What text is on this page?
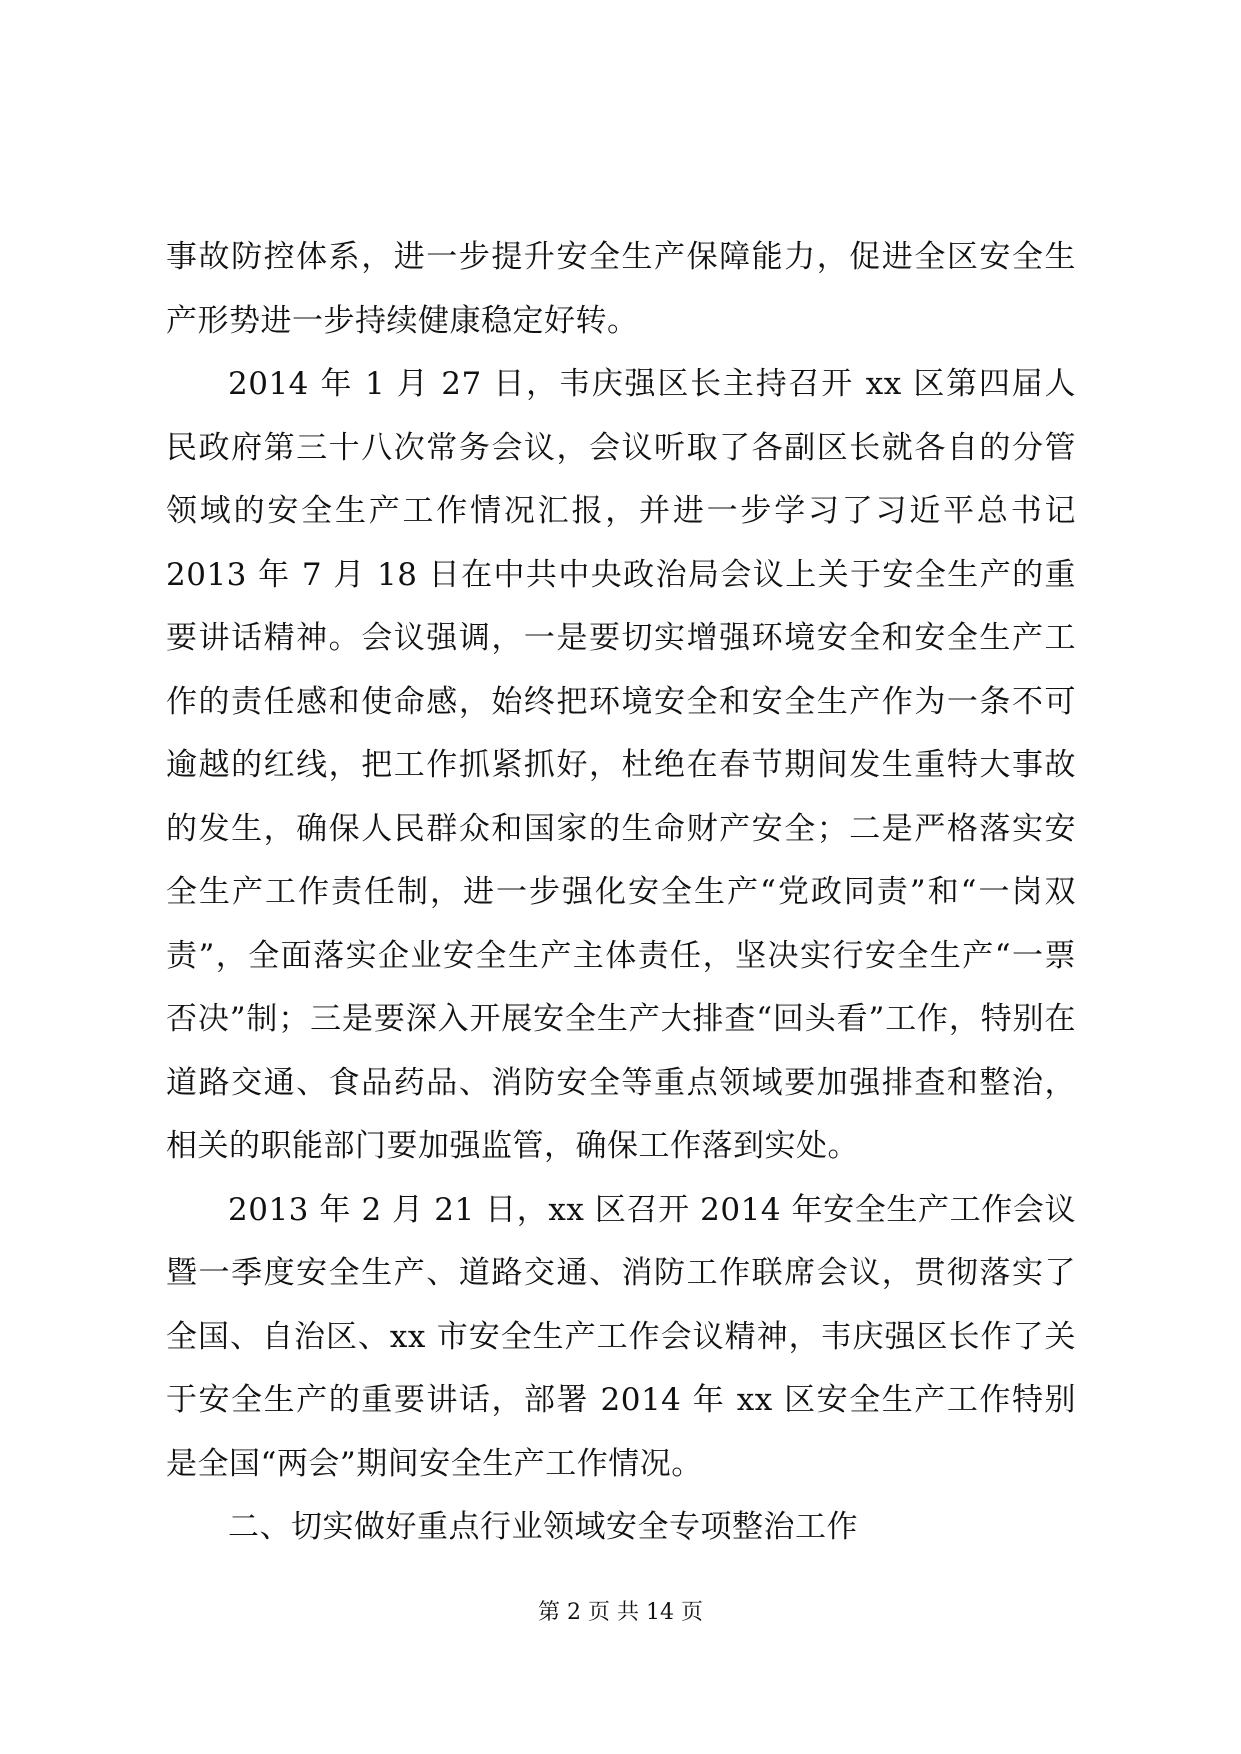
事故防控体系，进一步提升安全生产保障能力，促进全区安全生产形势进一步持续健康稳定好转。

2014 年 1 月 27 日，韦庆强区长主持召开 xx 区第四届人民政府第三十八次常务会议，会议听取了各副区长就各自的分管领域的安全生产工作情况汇报，并进一步学习了习近平总书记2013 年 7 月 18 日在中共中央政治局会议上关于安全生产的重要讲话精神。会议强调，一是要切实增强环境安全和安全生产工作的责任感和使命感，始终把环境安全和安全生产作为一条不可逾越的红线，把工作抓紧抓好，杜绝在春节期间发生重特大事故的发生，确保人民群众和国家的生命财产安全；二是严格落实安全生产工作责任制，进一步强化安全生产“党政同责”和“一岗双责”，全面落实企业安全生产主体责任，坚决实行安全生产“一票否决”制；三是要深入开展安全生产大排查“回头看”工作，特别在道路交通、食品药品、消防安全等重点领域要加强排查和整治，相关的职能部门要加强监管，确保工作落到实处。

2013 年 2 月 21 日，xx 区召开 2014 年安全生产工作会议暨一季度安全生产、道路交通、消防工作联席会议，贯彻落实了全国、自治区、xx 市安全生产工作会议精神，韦庆强区长作了关于安全生产的重要讲话，部署 2014 年 xx 区安全生产工作特别是全国“两会”期间安全生产工作情况。

二、切实做好重点行业领域安全专项整治工作

第 2 页 共 14 页
